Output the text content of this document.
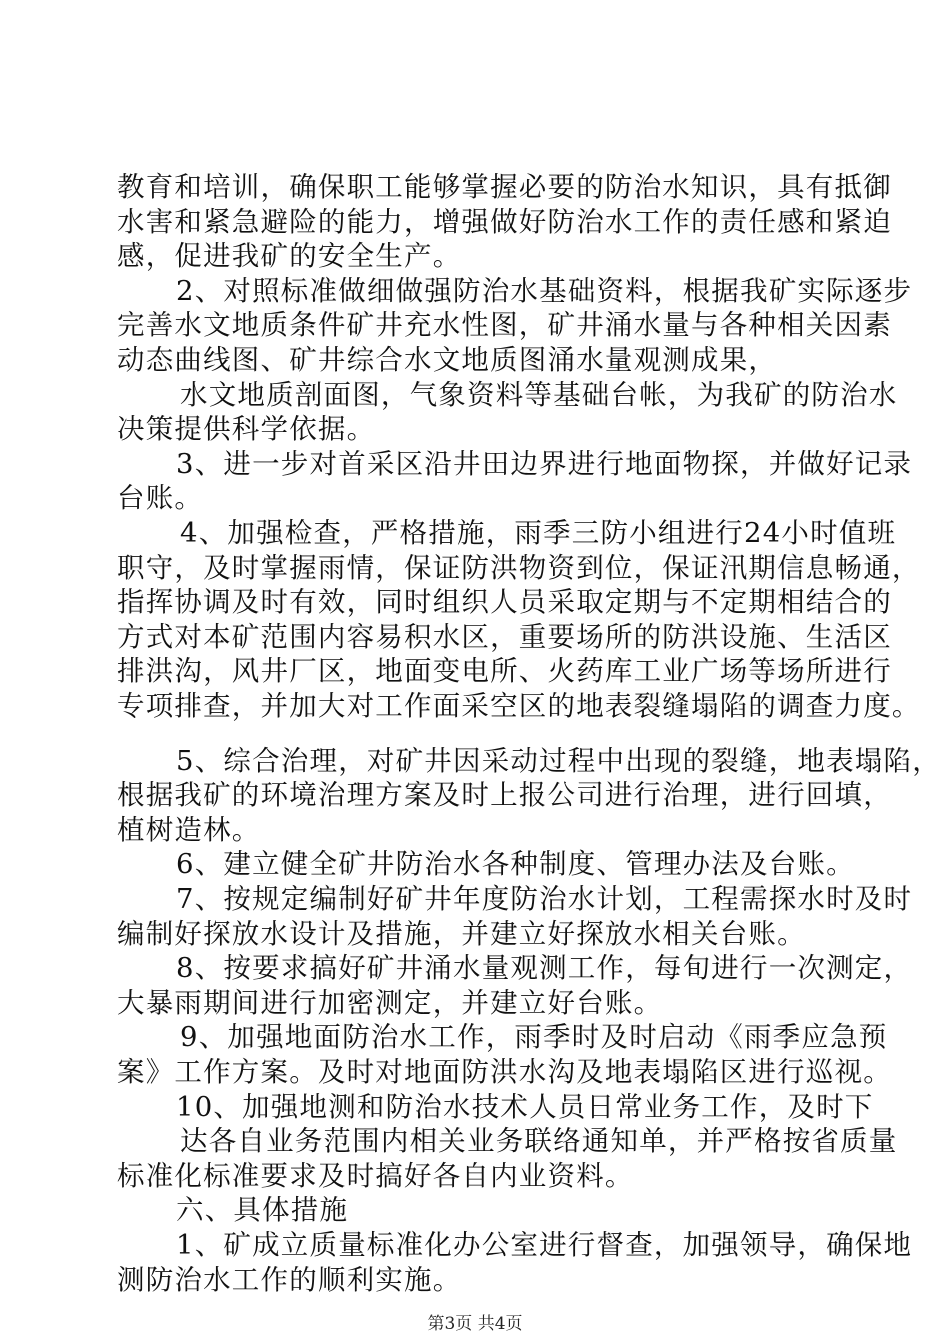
教育和培训，确保职工能够掌握必要的防治水知识，具有抵御
水害和紧急避险的能力，增强做好防治水工作的责任感和紧迫
感，促进我矿的安全生产。
2、对照标准做细做强防治水基础资料，根据我矿实际逐步
完善水文地质条件矿井充水性图，矿井涌水量与各种相关因素
动态曲线图、矿井综合水文地质图涌水量观测成果，
水文地质剖面图，气象资料等基础台帐，为我矿的防治水
决策提供科学依据。
3、进一步对首采区沿井田边界进行地面物探，并做好记录
台账。
4、加强检查，严格措施，雨季三防小组进行24小时值班
职守，及时掌握雨情，保证防洪物资到位，保证汛期信息畅通，
指挥协调及时有效，同时组织人员采取定期与不定期相结合的
方式对本矿范围内容易积水区，重要场所的防洪设施、生活区
排洪沟，风井厂区，地面变电所、火药库工业广场等场所进行
专项排查，并加大对工作面采空区的地表裂缝塌陷的调查力度。
5、综合治理，对矿井因采动过程中出现的裂缝，地表塌陷，
根据我矿的环境治理方案及时上报公司进行治理，进行回填，
植树造林。
6、建立健全矿井防治水各种制度、管理办法及台账。
7、按规定编制好矿井年度防治水计划，工程需探水时及时
编制好探放水设计及措施，并建立好探放水相关台账。
8、按要求搞好矿井涌水量观测工作，每旬进行一次测定，
大暴雨期间进行加密测定，并建立好台账。
9、加强地面防治水工作，雨季时及时启动《雨季应急预
案》工作方案。及时对地面防洪水沟及地表塌陷区进行巡视。
10、加强地测和防治水技术人员日常业务工作，及时下
达各自业务范围内相关业务联络通知单，并严格按省质量
标准化标准要求及时搞好各自内业资料。
六、具体措施
1、矿成立质量标准化办公室进行督查，加强领导，确保地
测防治水工作的顺利实施。
第3页 共4页
